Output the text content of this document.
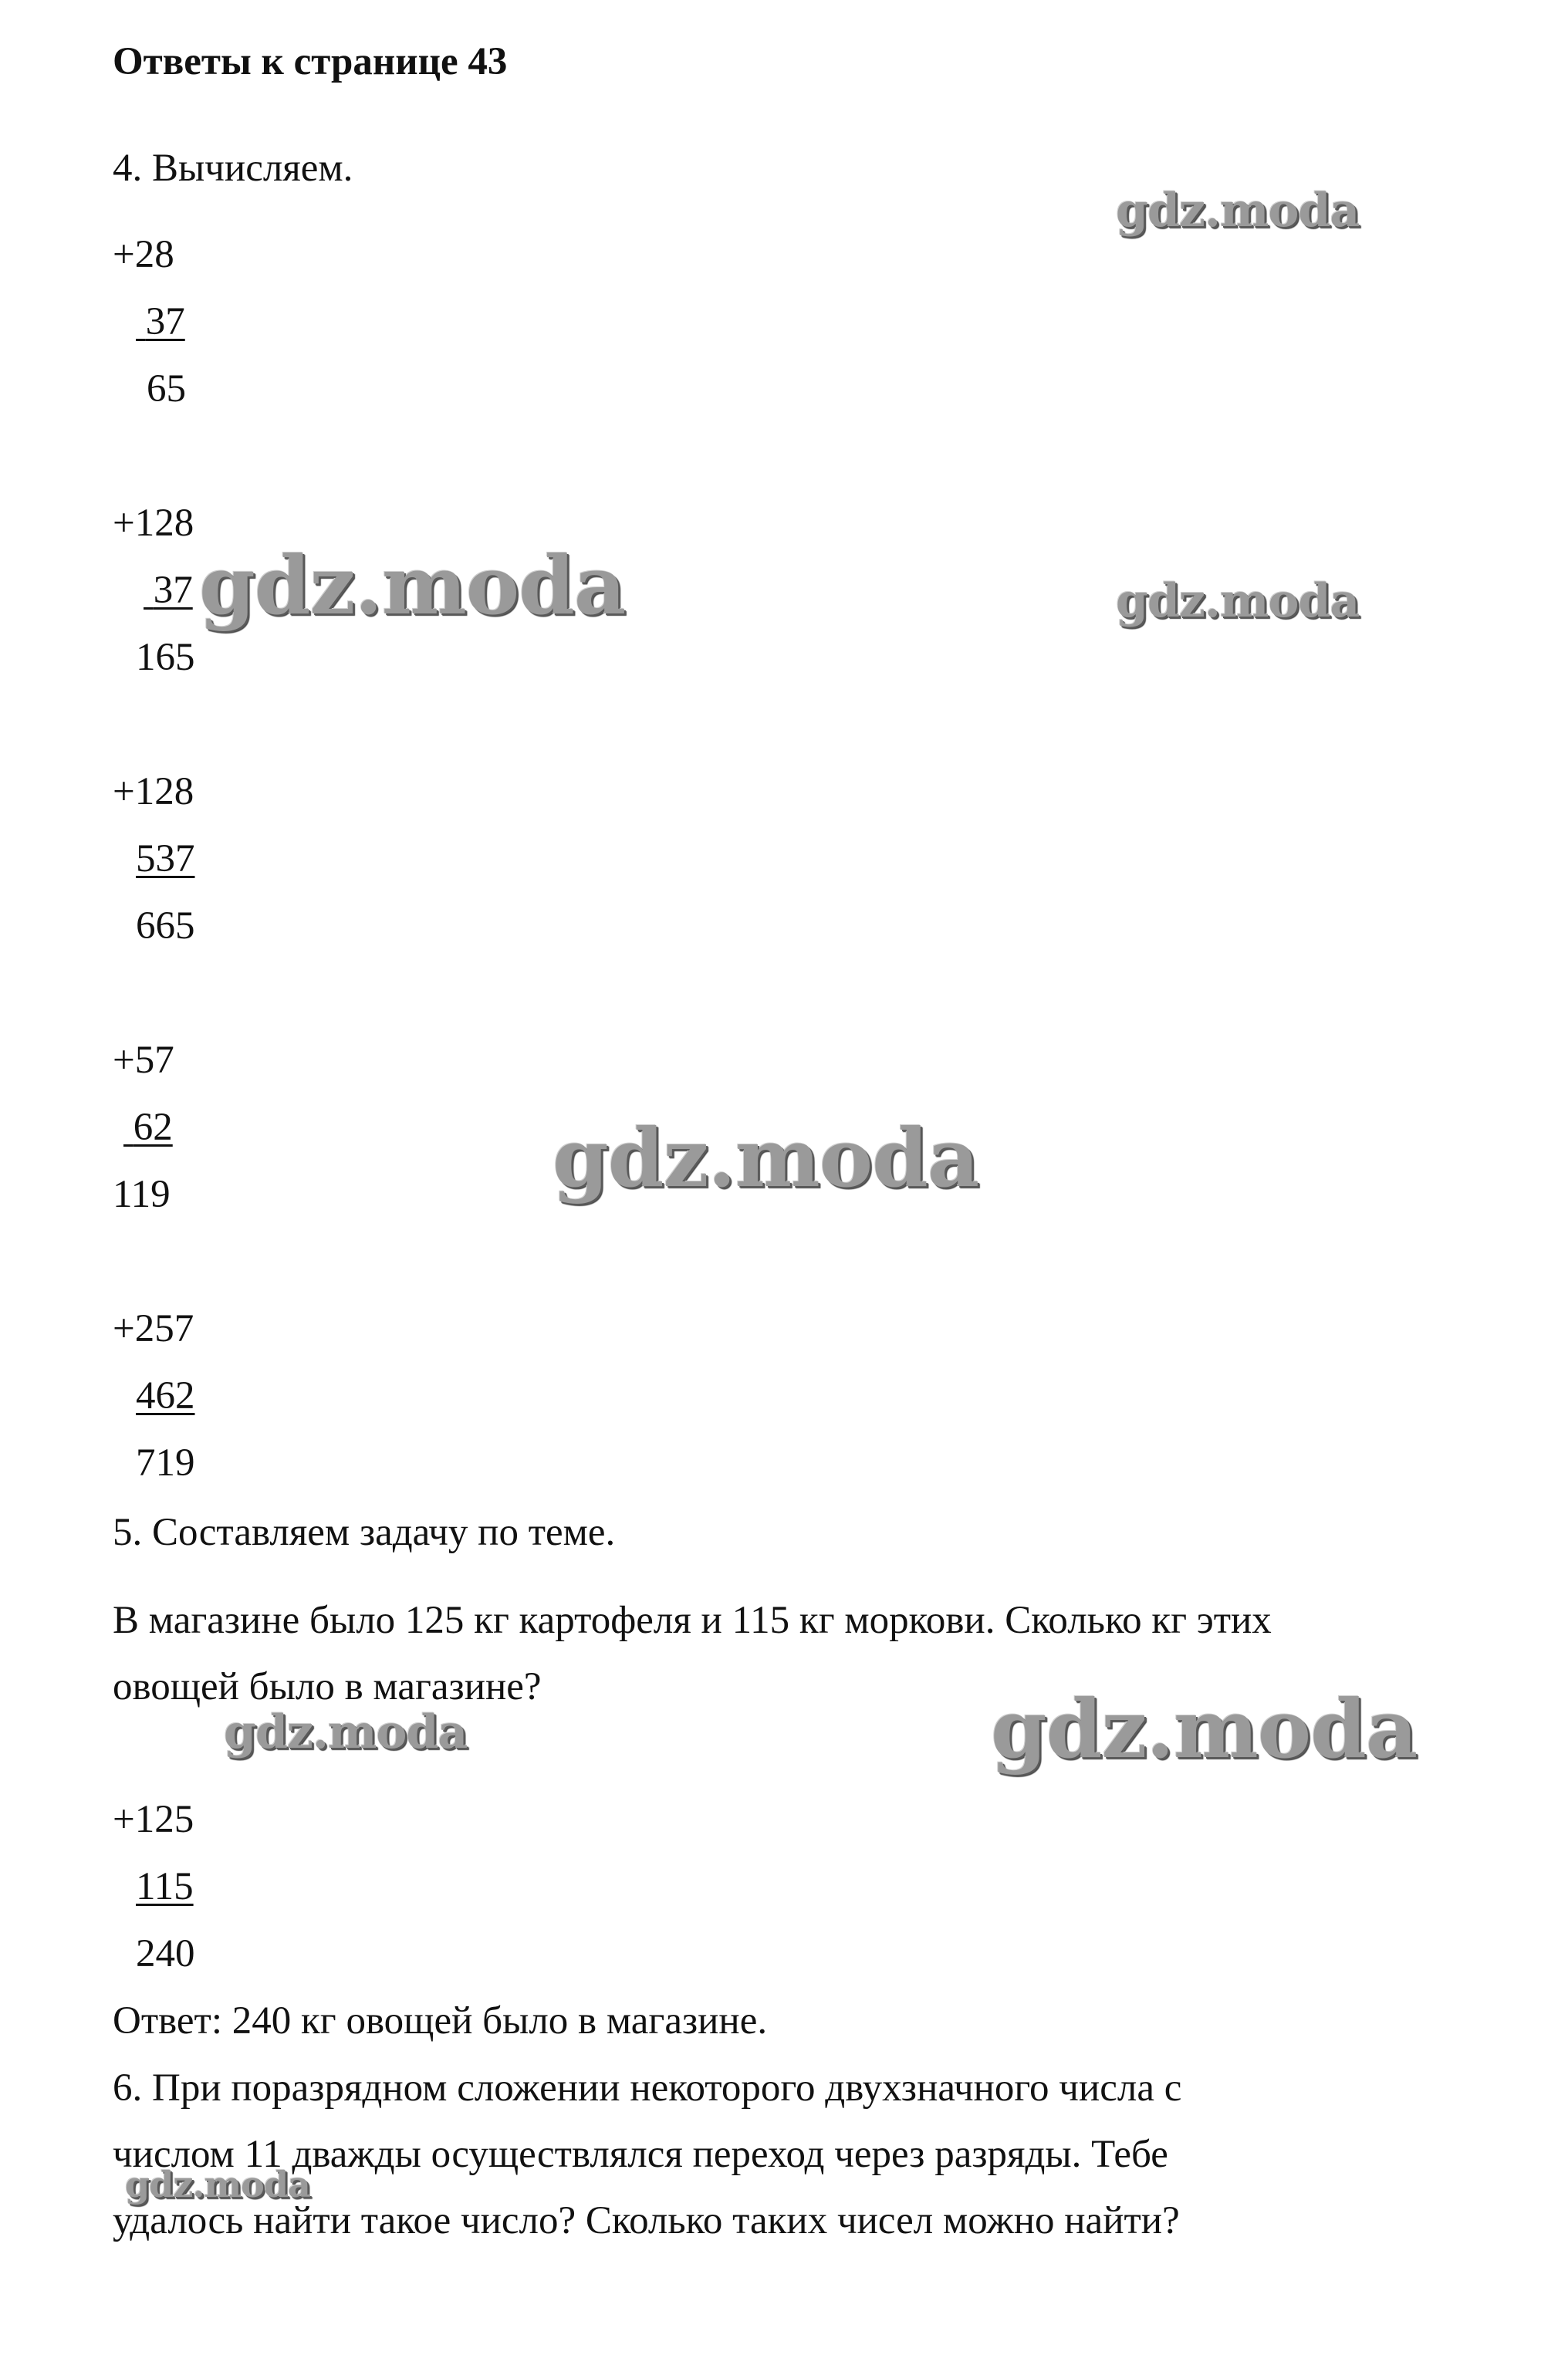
Ответы к странице 43
4. Вычисляем.
+28
37
65
+128
37
165
+128
537
665
+57
62
119
+257
462
719
5. Составляем задачу по теме.
В магазине было 125 кг картофеля и 115 кг моркови. Сколько кг этих
овощей было в магазине?
+125
115
240
Ответ: 240 кг овощей было в магазине.
6. При поразрядном сложении некоторого двухзначного числа с
числом 11 дважды осуществлялся переход через разряды. Тебе
удалось найти такое число? Сколько таких чисел можно найти?
gdz.moda
gdz.moda	gdz.moda
gdz.moda
gdz.moda
gdz.moda
gdz.moda
